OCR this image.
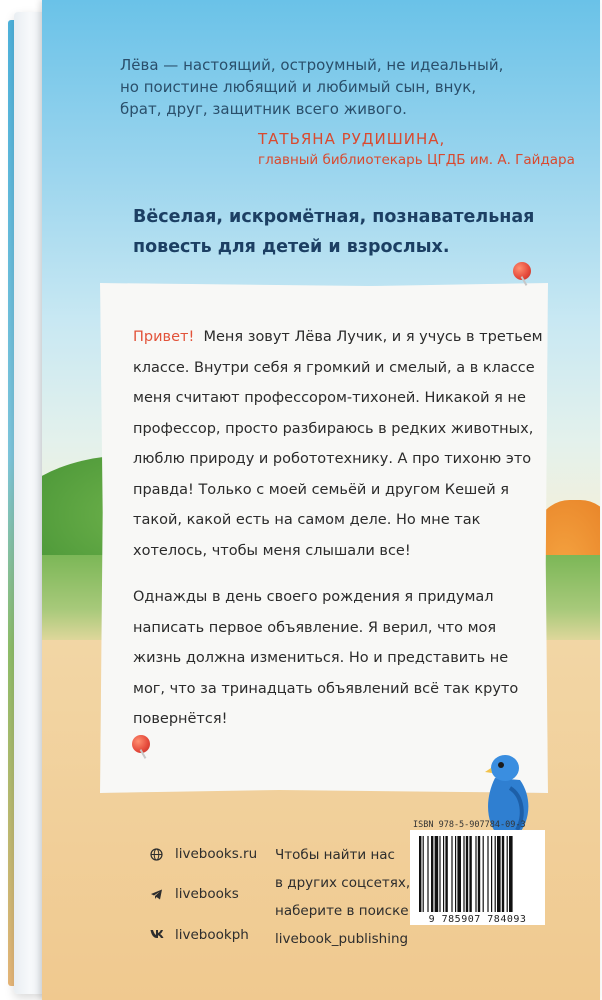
Лёва — настоящий, остроумный, не идеальный,
но поистине любящий и любимый сын, внук,
брат, друг, защитник всего живого.
ТАТЬЯНА РУДИШИНА,
главный библиотекарь ЦГДБ им. А. Гайдара
Вёселая, искромётная, познавательная
повесть для детей и взрослых.

Привет! Меня зовут Лёва Лучик, и я учусь в третьем классе. Внутри себя я громкий и смелый, а в классе меня считают профессором-тихоней. Никакой я не профессор, просто разбираюсь в редких животных, люблю природу и робототехнику. А про тихоню это правда! Только с моей семьёй и другом Кешей я такой, какой есть на самом деле. Но мне так хотелось, чтобы меня слышали все!

Однажды в день своего рождения я придумал написать первое объявление. Я верил, что моя жизнь должна измениться. Но и представить не мог, что за тринадцать объявлений всё так круто повернётся!

livebooks.ru
livebooks
livebookph
Чтобы найти нас
в других соцсетях,
наберите в поиске
livebook_publishing
ISBN 978-5-907784-09-3
9 785907 784093
